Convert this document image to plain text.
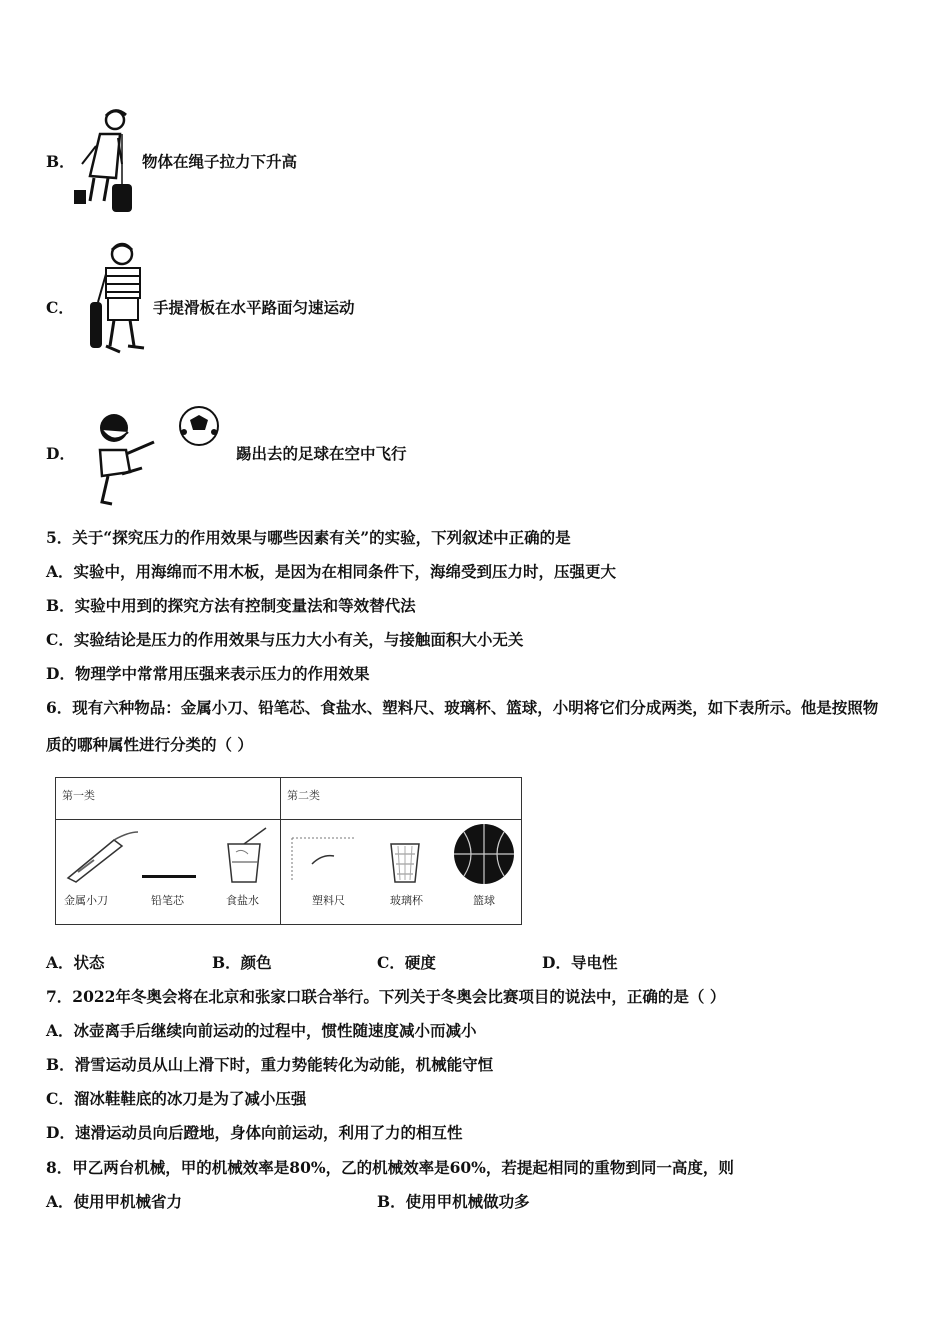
B．	物体在绳子拉力下升高
C．	手提滑板在水平路面匀速运动
D．	踢出去的足球在空中飞行
5．关于“探究压力的作用效果与哪些因素有关”的实验，下列叙述中正确的是
A．实验中，用海绵而不用木板，是因为在相同条件下，海绵受到压力时，压强更大
B．实验中用到的探究方法有控制变量法和等效替代法
C．实验结论是压力的作用效果与压力大小有关，与接触面积大小无关
D．物理学中常常用压强来表示压力的作用效果
6．现有六种物品：金属小刀、铅笔芯、食盐水、塑料尺、玻璃杯、篮球，小明将它们分成两类，如下表所示。他是按照物
质的哪种属性进行分类的（ ）
第一类	第二类
金属小刀	铅笔芯	食盐水	塑料尺	玻璃杯	篮球
A．状态	B．颜色	C．硬度	D．导电性
7．2022年冬奥会将在北京和张家口联合举行。下列关于冬奥会比赛项目的说法中，正确的是（ ）
A．冰壶离手后继续向前运动的过程中，惯性随速度减小而减小
B．滑雪运动员从山上滑下时，重力势能转化为动能，机械能守恒
C．溜冰鞋鞋底的冰刀是为了减小压强
D．速滑运动员向后蹬地，身体向前运动，利用了力的相互性
8．甲乙两台机械，甲的机械效率是80%，乙的机械效率是60%，若提起相同的重物到同一高度，则
A．使用甲机械省力	B．使用甲机械做功多
